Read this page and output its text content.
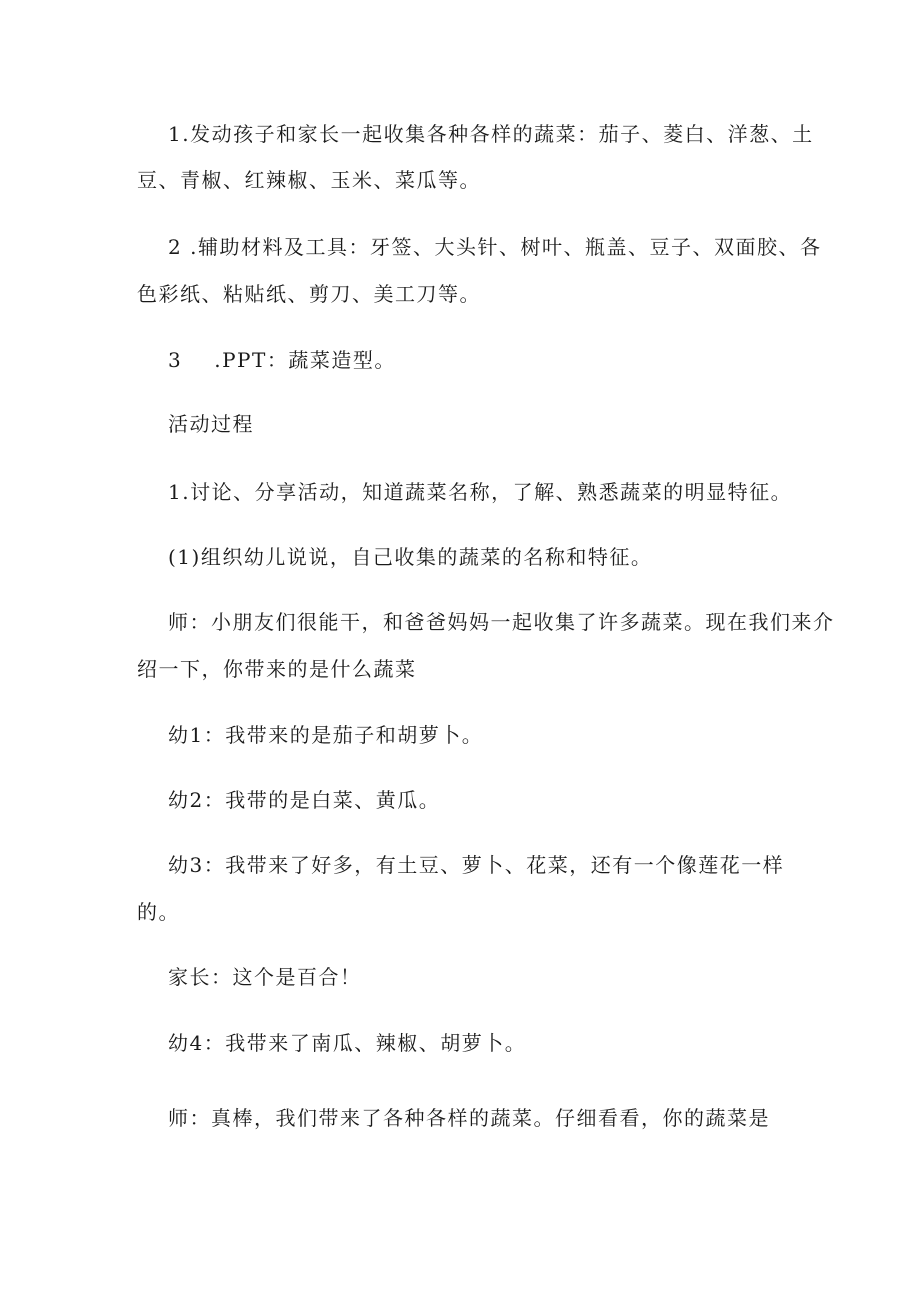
1.发动孩子和家长一起收集各种各样的蔬菜：茄子、菱白、洋葱、土
豆、青椒、红辣椒、玉米、菜瓜等。
2 .辅助材料及工具：牙签、大头针、树叶、瓶盖、豆子、双面胶、各
色彩纸、粘贴纸、剪刀、美工刀等。
3 .PPT：蔬菜造型。
活动过程
1.讨论、分享活动，知道蔬菜名称，了解、熟悉蔬菜的明显特征。
(1)组织幼儿说说，自己收集的蔬菜的名称和特征。
师：小朋友们很能干，和爸爸妈妈一起收集了许多蔬菜。现在我们来介
绍一下，你带来的是什么蔬菜
幼1：我带来的是茄子和胡萝卜。
幼2：我带的是白菜、黄瓜。
幼3：我带来了好多，有土豆、萝卜、花菜，还有一个像莲花一样
的。
家长：这个是百合！
幼4：我带来了南瓜、辣椒、胡萝卜。
师：真棒，我们带来了各种各样的蔬菜。仔细看看，你的蔬菜是
